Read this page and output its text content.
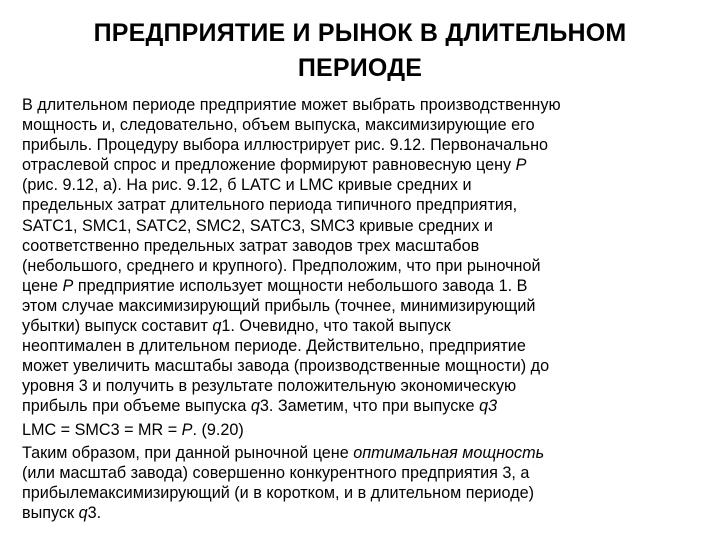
ПРЕДПРИЯТИЕ И РЫНОК В ДЛИТЕЛЬНОМ
ПЕРИОДЕ
В длительном периоде предприятие может выбрать производственную
мощность и, следовательно, объем выпуска, максимизирующие его
прибыль. Процедуру выбора иллюстрирует рис. 9.12. Первоначально
отраслевой спрос и предложение формируют равновесную цену P
(рис. 9.12, а). На рис. 9.12, б LATC и LMC кривые средних и
предельных затрат длительного периода типичного предприятия,
SATC1, SMC1, SATC2, SMC2, SATC3, SMC3 кривые средних и
соответственно предельных затрат заводов трех масштабов
(небольшого, среднего и крупного). Предположим, что при рыночной
цене P предприятие использует мощности небольшого завода 1. В
этом случае максимизирующий прибыль (точнее, минимизирующий
убытки) выпуск составит q1. Очевидно, что такой выпуск
неоптимален в длительном периоде. Действительно, предприятие
может увеличить масштабы завода (производственные мощности) до
уровня 3 и получить в результате положительную экономическую
прибыль при объеме выпуска q3. Заметим, что при выпуске q3
LMC = SMC3 = MR = P. (9.20)
Таким образом, при данной рыночной цене оптимальная мощность
(или масштаб завода) совершенно конкурентного предприятия 3, а
прибылемаксимизирующий (и в коротком, и в длительном периоде)
выпуск q3.
